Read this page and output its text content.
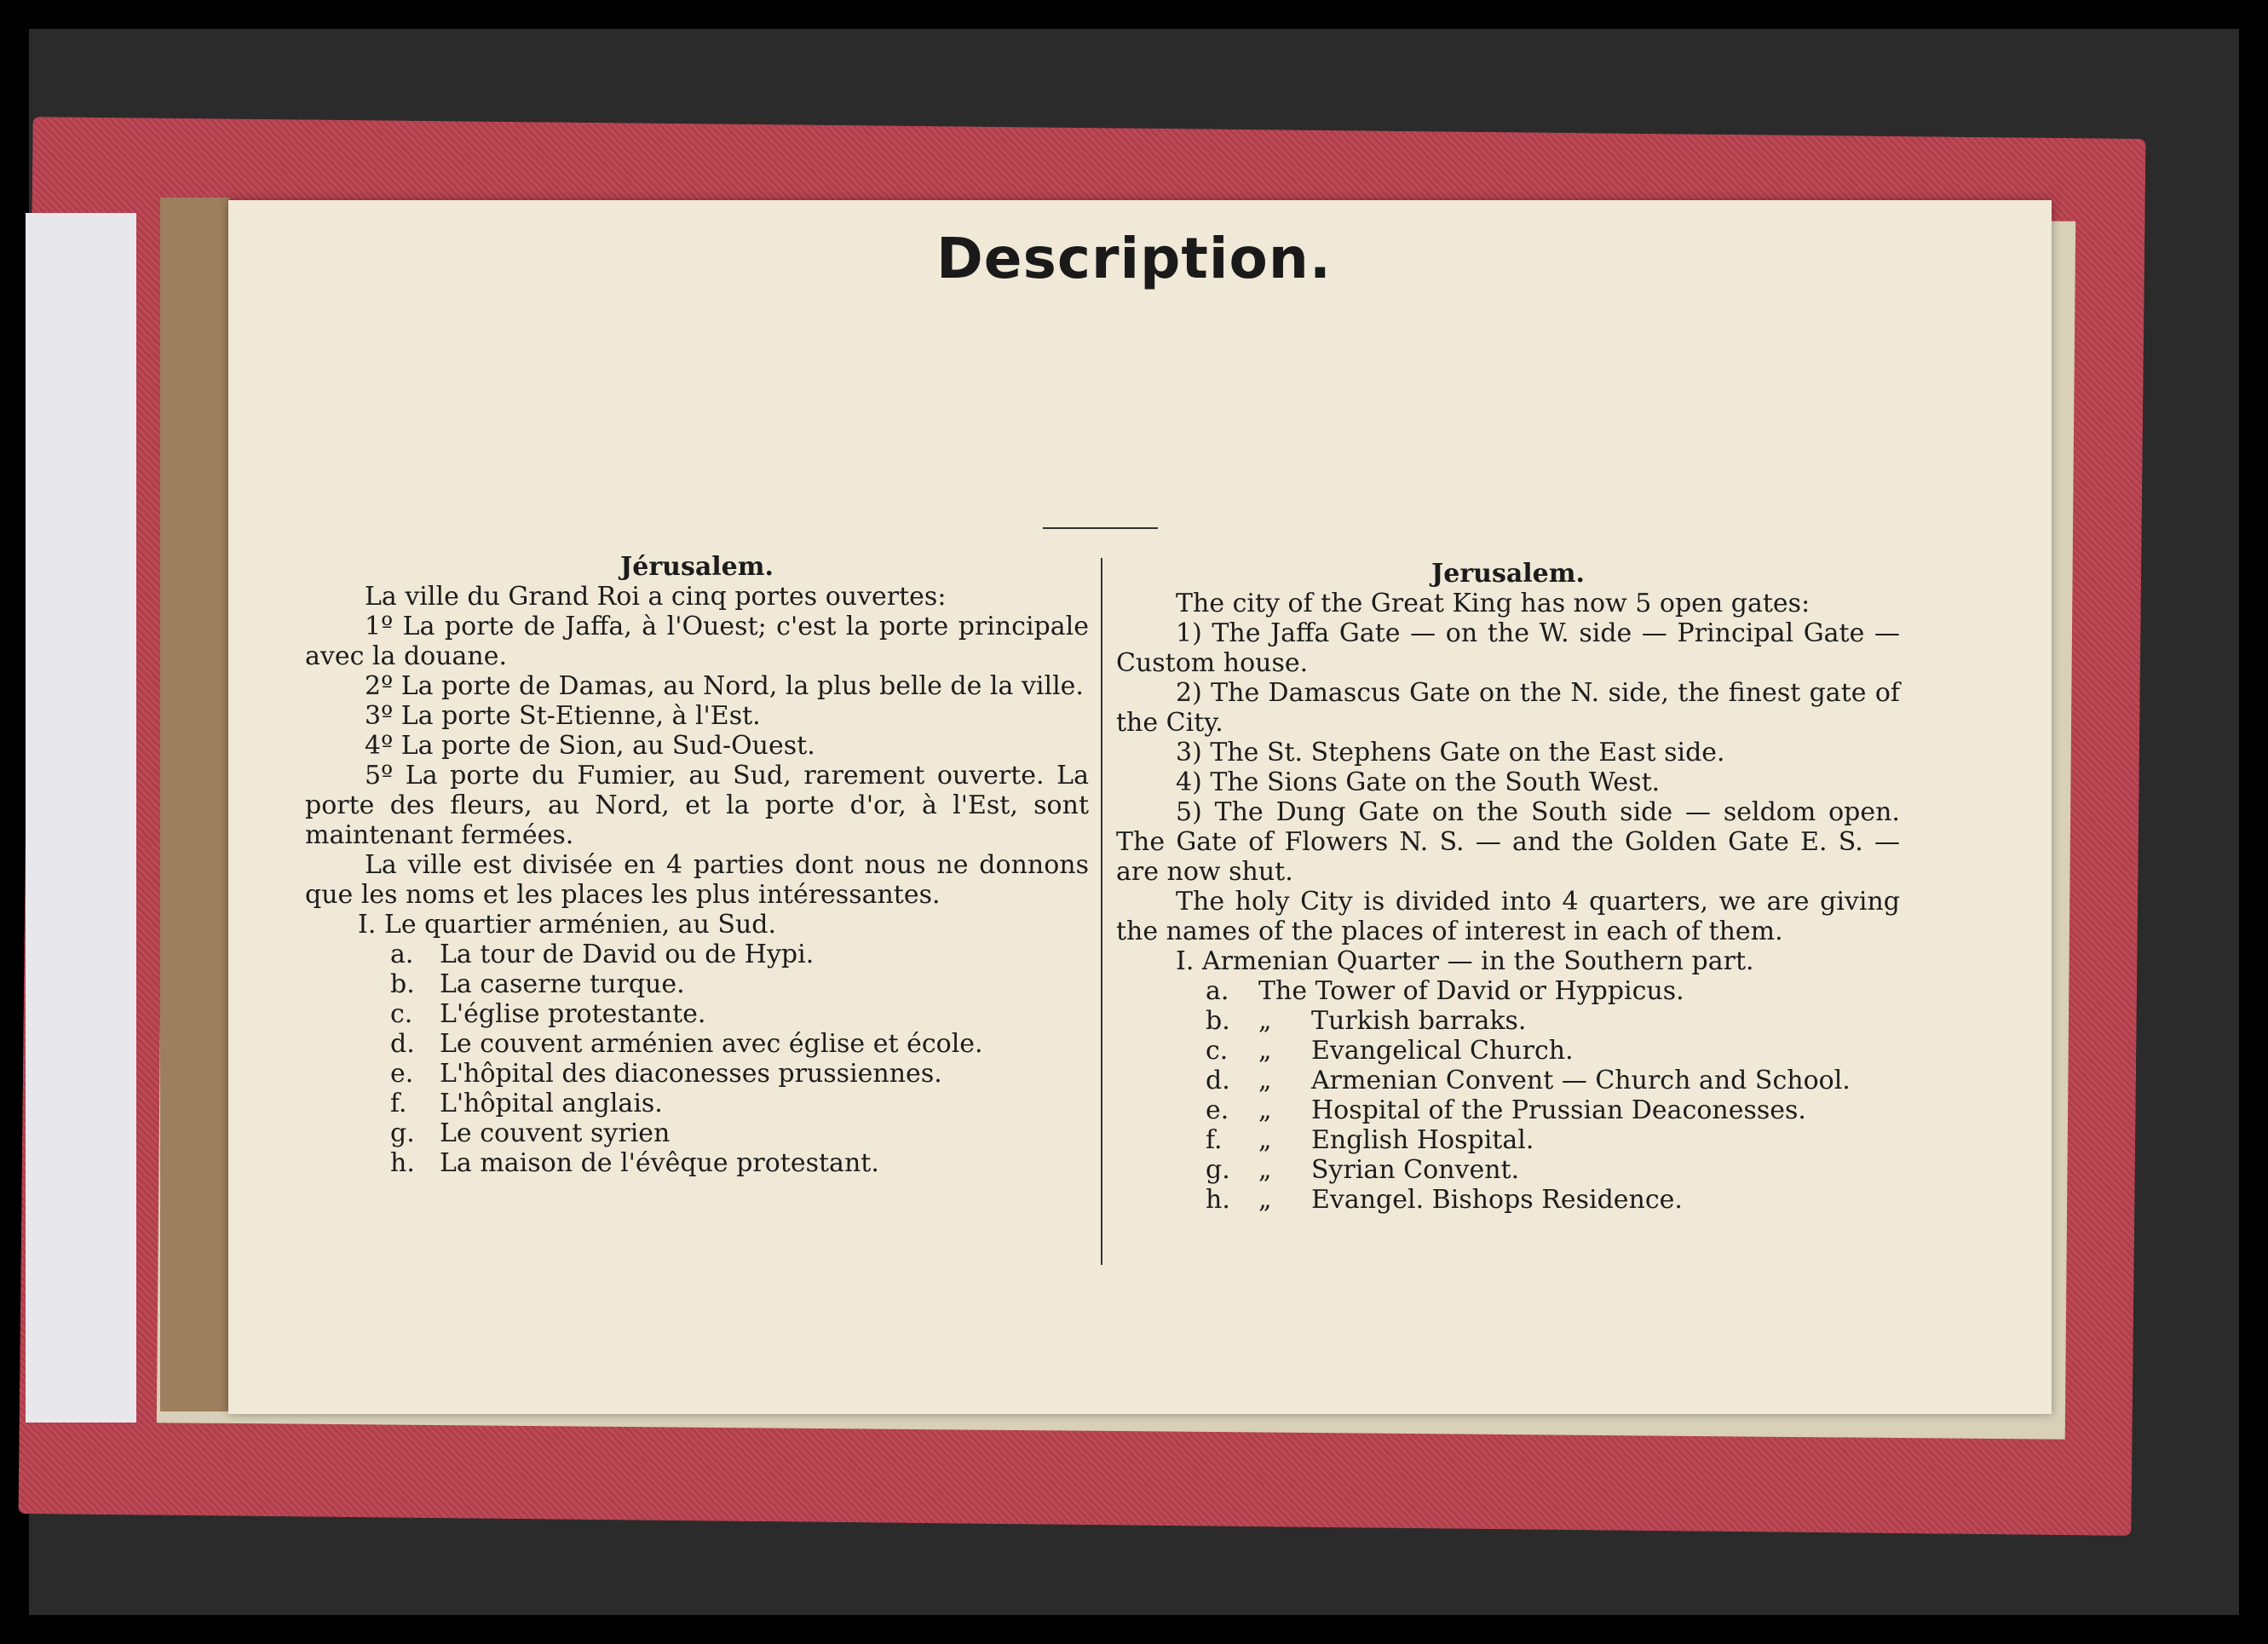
Description.
Jérusalem.

La ville du Grand Roi a cinq portes ouvertes:

1º La porte de Jaffa, à l'Ouest; c'est la porte principale avec la douane.

2º La porte de Damas, au Nord, la plus belle de la ville.

3º La porte St-Etienne, à l'Est.

4º La porte de Sion, au Sud-Ouest.

5º La porte du Fumier, au Sud, rarement ouverte. La porte des fleurs, au Nord, et la porte d'or, à l'Est, sont maintenant fermées.

La ville est divisée en 4 parties dont nous ne donnons que les noms et les places les plus intéressantes.

I. Le quartier arménien, au Sud.

a.	La tour de David ou de Hypi.
b. La caserne turque.
c.	L'église protestante.
d. Le couvent arménien avec église et école.
e.	L'hôpital des diaconesses prussiennes.
f.	L'hôpital anglais.
g. Le couvent syrien
h. La maison de l'évêque protestant.
Jerusalem.

The city of the Great King has now 5 open gates:

1) The Jaffa Gate — on the W. side — Principal Gate — Custom house.

2) The Damascus Gate on the N. side, the finest gate of the City.

3) The St. Stephens Gate on the East side.

4) The Sions Gate on the South West.

5) The Dung Gate on the South side — seldom open. The Gate of Flowers N. S. — and the Golden Gate E. S. — are now shut.

The holy City is divided into 4 quarters, we are giving the names of the places of interest in each of them.

I. Armenian Quarter — in the Southern part.

a.	The Tower of David or Hyppicus.
b.	„	Turkish barraks.
c.	„	Evangelical Church.
d.	„	Armenian Convent — Church and School.
e.	„	Hospital of the Prussian Deaconesses.
f.	„	English Hospital.
g.	„	Syrian Convent.
h.	„	Evangel. Bishops Residence.
